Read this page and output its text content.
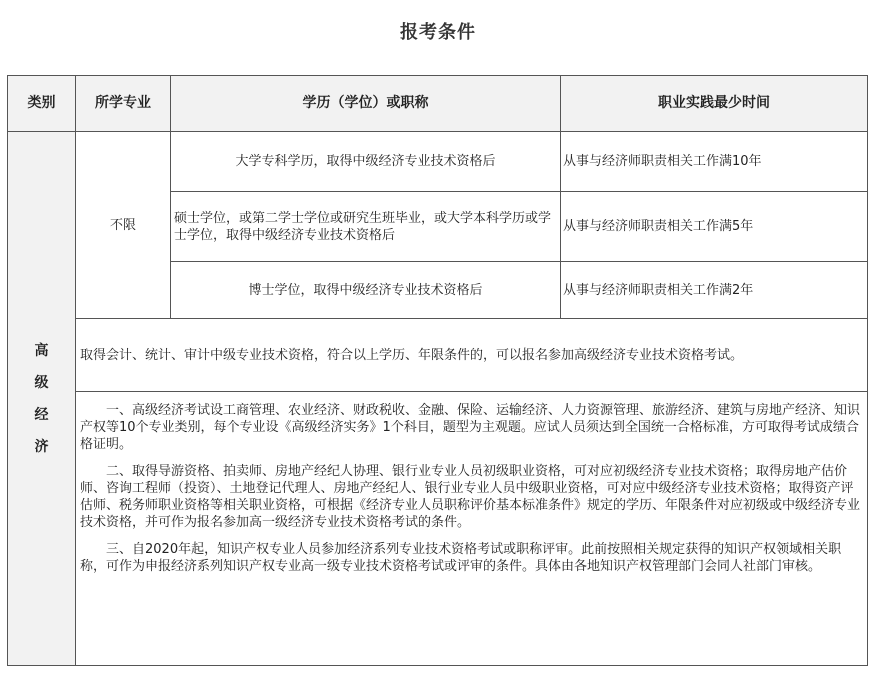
报考条件
类别	所学专业	学历（学位）或职称	职业实践最少时间

高
级
经
济	不限	大学专科学历，取得中级经济专业技术资格后	从事与经济师职责相关工作满10年
		硕士学位，或第二学士学位或研究生班毕业，或大学本科学历或学士学位，取得中级经济专业技术资格后	从事与经济师职责相关工作满5年
		博士学位，取得中级经济专业技术资格后	从事与经济师职责相关工作满2年
	取得会计、统计、审计中级专业技术资格，符合以上学历、年限条件的，可以报名参加高级经济专业技术资格考试。		

	一、高级经济考试设工商管理、农业经济、财政税收、金融、保险、运输经济、人力资源管理、旅游经济、建筑与房地产经济、知识产权等10个专业类别，每个专业设《高级经济实务》1个科目，题型为主观题。应试人员须达到全国统一合格标准，方可取得考试成绩合格证明。

二、取得导游资格、拍卖师、房地产经纪人协理、银行业专业人员初级职业资格，可对应初级经济专业技术资格；取得房地产估价师、咨询工程师（投资）、土地登记代理人、房地产经纪人、银行业专业人员中级职业资格，可对应中级经济专业技术资格；取得资产评估师、税务师职业资格等相关职业资格，可根据《经济专业人员职称评价基本标准条件》规定的学历、年限条件对应初级或中级经济专业技术资格，并可作为报名参加高一级经济专业技术资格考试的条件。

三、自2020年起，知识产权专业人员参加经济系列专业技术资格考试或职称评审。此前按照相关规定获得的知识产权领域相关职称，可作为申报经济系列知识产权专业高一级专业技术资格考试或评审的条件。具体由各地知识产权管理部门会同人社部门审核。		
